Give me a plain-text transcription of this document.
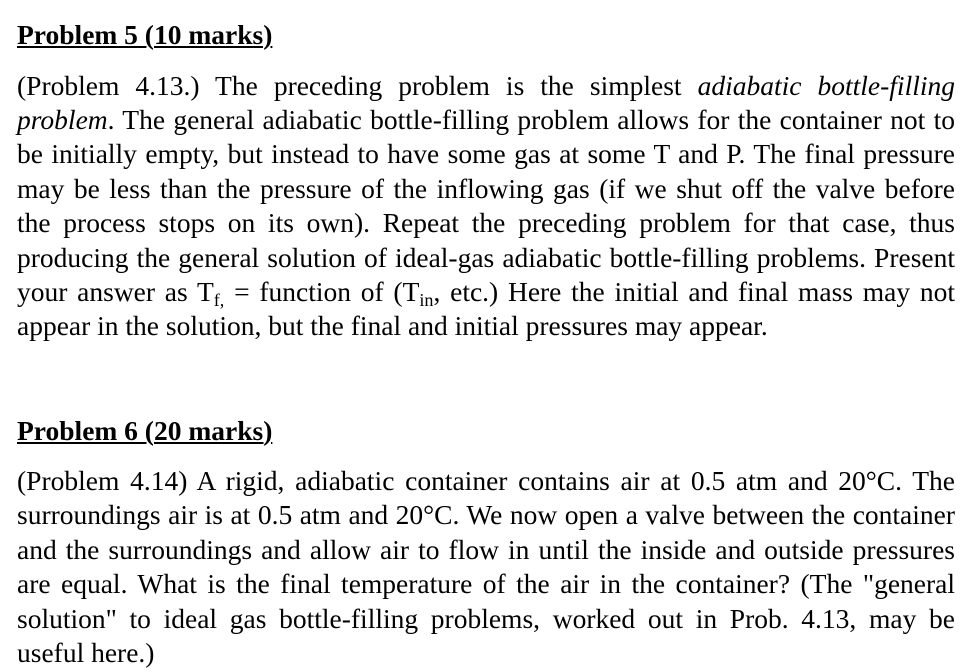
Problem 5 (10 marks)
(Problem 4.13.) The preceding problem is the simplest adiabatic bottle-filling
problem. The general adiabatic bottle-filling problem allows for the container not to
be initially empty, but instead to have some gas at some T and P. The final pressure
may be less than the pressure of the inflowing gas (if we shut off the valve before
the process stops on its own). Repeat the preceding problem for that case, thus
producing the general solution of ideal-gas adiabatic bottle-filling problems. Present
your answer as Tf, = function of (Tin, etc.) Here the initial and final mass may not
appear in the solution, but the final and initial pressures may appear.
Problem 6 (20 marks)
(Problem 4.14) A rigid, adiabatic container contains air at 0.5 atm and 20°C. The
surroundings air is at 0.5 atm and 20°C. We now open a valve between the container
and the surroundings and allow air to flow in until the inside and outside pressures
are equal. What is the final temperature of the air in the container? (The "general
solution" to ideal gas bottle-filling problems, worked out in Prob. 4.13, may be
useful here.)
